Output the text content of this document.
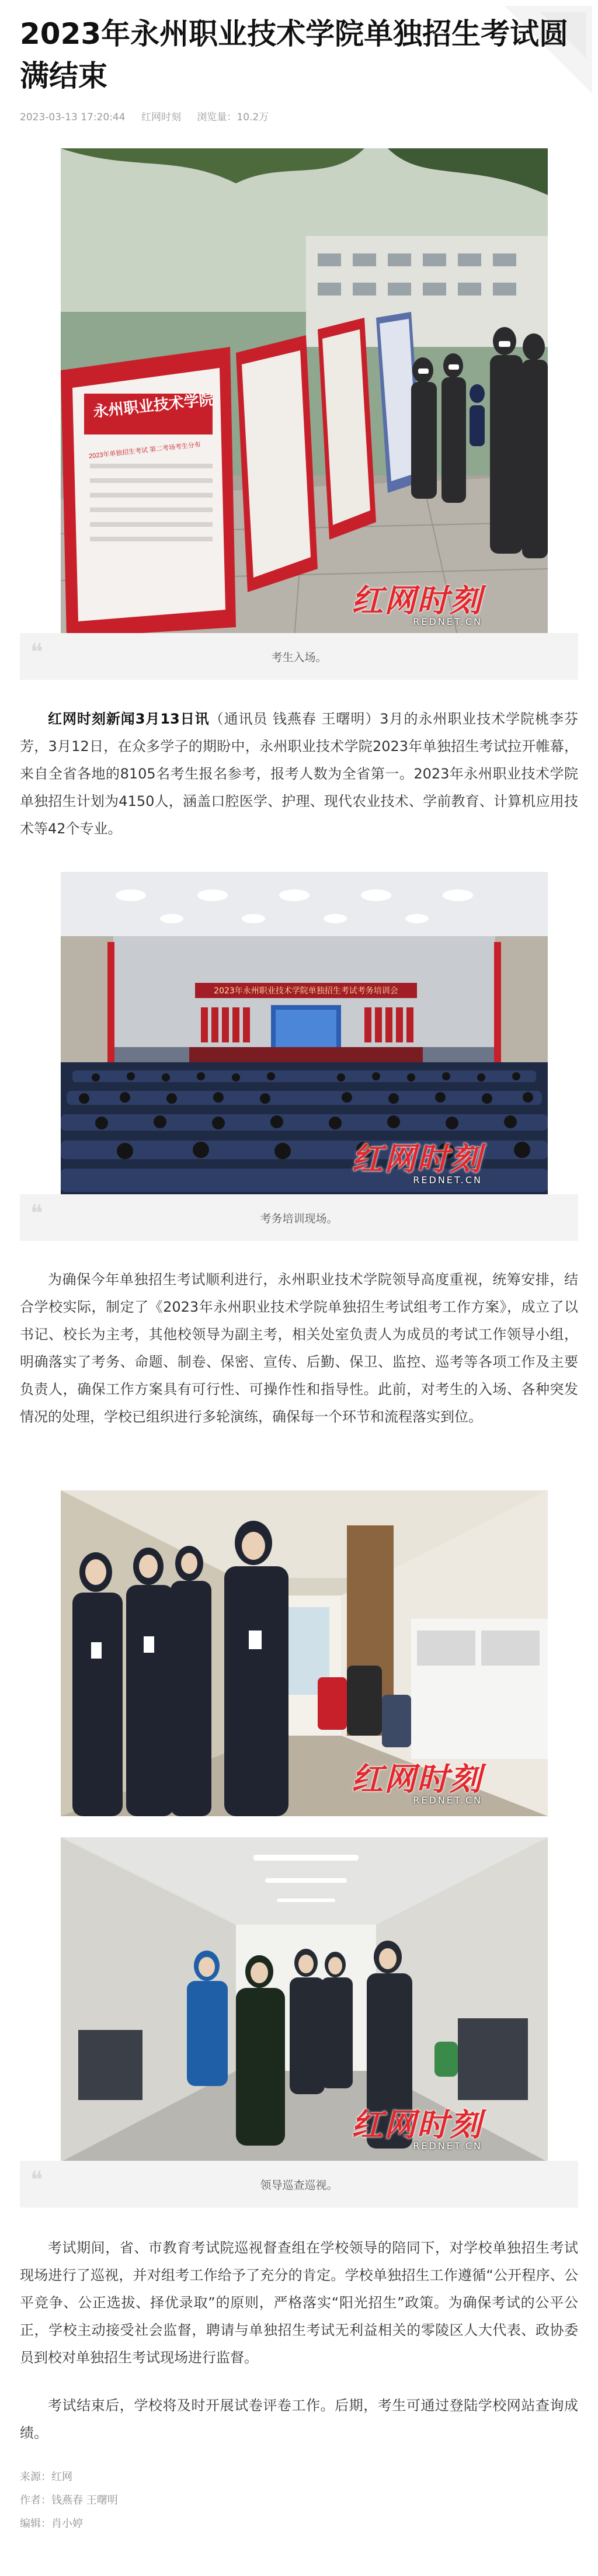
2023年永州职业技术学院单独招生考试圆满结束
2023-03-13 17:20:44 红网时刻 浏览量：10.2万
永州职业技术学院
2023年单独招生考试 第二考场考生分布
红网时刻
REDNET.CN
❝	考生入场。

红网时刻新闻3月13日讯（通讯员 钱燕春 王曙明）3月的永州职业技术学院桃李芬芳，3月12日，在众多学子的期盼中，永州职业技术学院2023年单独招生考试拉开帷幕，来自全省各地的8105名考生报名参考，报考人数为全省第一。2023年永州职业技术学院单独招生计划为4150人，涵盖口腔医学、护理、现代农业技术、学前教育、计算机应用技术等42个专业。

2023年永州职业技术学院单独招生考试考务培训会
红网时刻
REDNET.CN
❝	考务培训现场。

为确保今年单独招生考试顺利进行，永州职业技术学院领导高度重视，统筹安排，结合学校实际，制定了《2023年永州职业技术学院单独招生考试组考工作方案》，成立了以书记、校长为主考，其他校领导为副主考，相关处室负责人为成员的考试工作领导小组，明确落实了考务、命题、制卷、保密、宣传、后勤、保卫、监控、巡考等各项工作及主要负责人，确保工作方案具有可行性、可操作性和指导性。此前，对考生的入场、各种突发情况的处理，学校已组织进行多轮演练，确保每一个环节和流程落实到位。

红网时刻
REDNET.CN
红网时刻
REDNET.CN
❝	领导巡查巡视。

考试期间，省、市教育考试院巡视督查组在学校领导的陪同下，对学校单独招生考试现场进行了巡视，并对组考工作给予了充分的肯定。学校单独招生工作遵循“公开程序、公平竞争、公正选拔、择优录取”的原则，严格落实“阳光招生”政策。为确保考试的公平公正，学校主动接受社会监督，聘请与单独招生考试无利益相关的零陵区人大代表、政协委员到校对单独招生考试现场进行监督。

考试结束后，学校将及时开展试卷评卷工作。后期，考生可通过登陆学校网站查询成绩。

来源：红网
作者：钱燕春 王曙明
编辑：肖小婷
